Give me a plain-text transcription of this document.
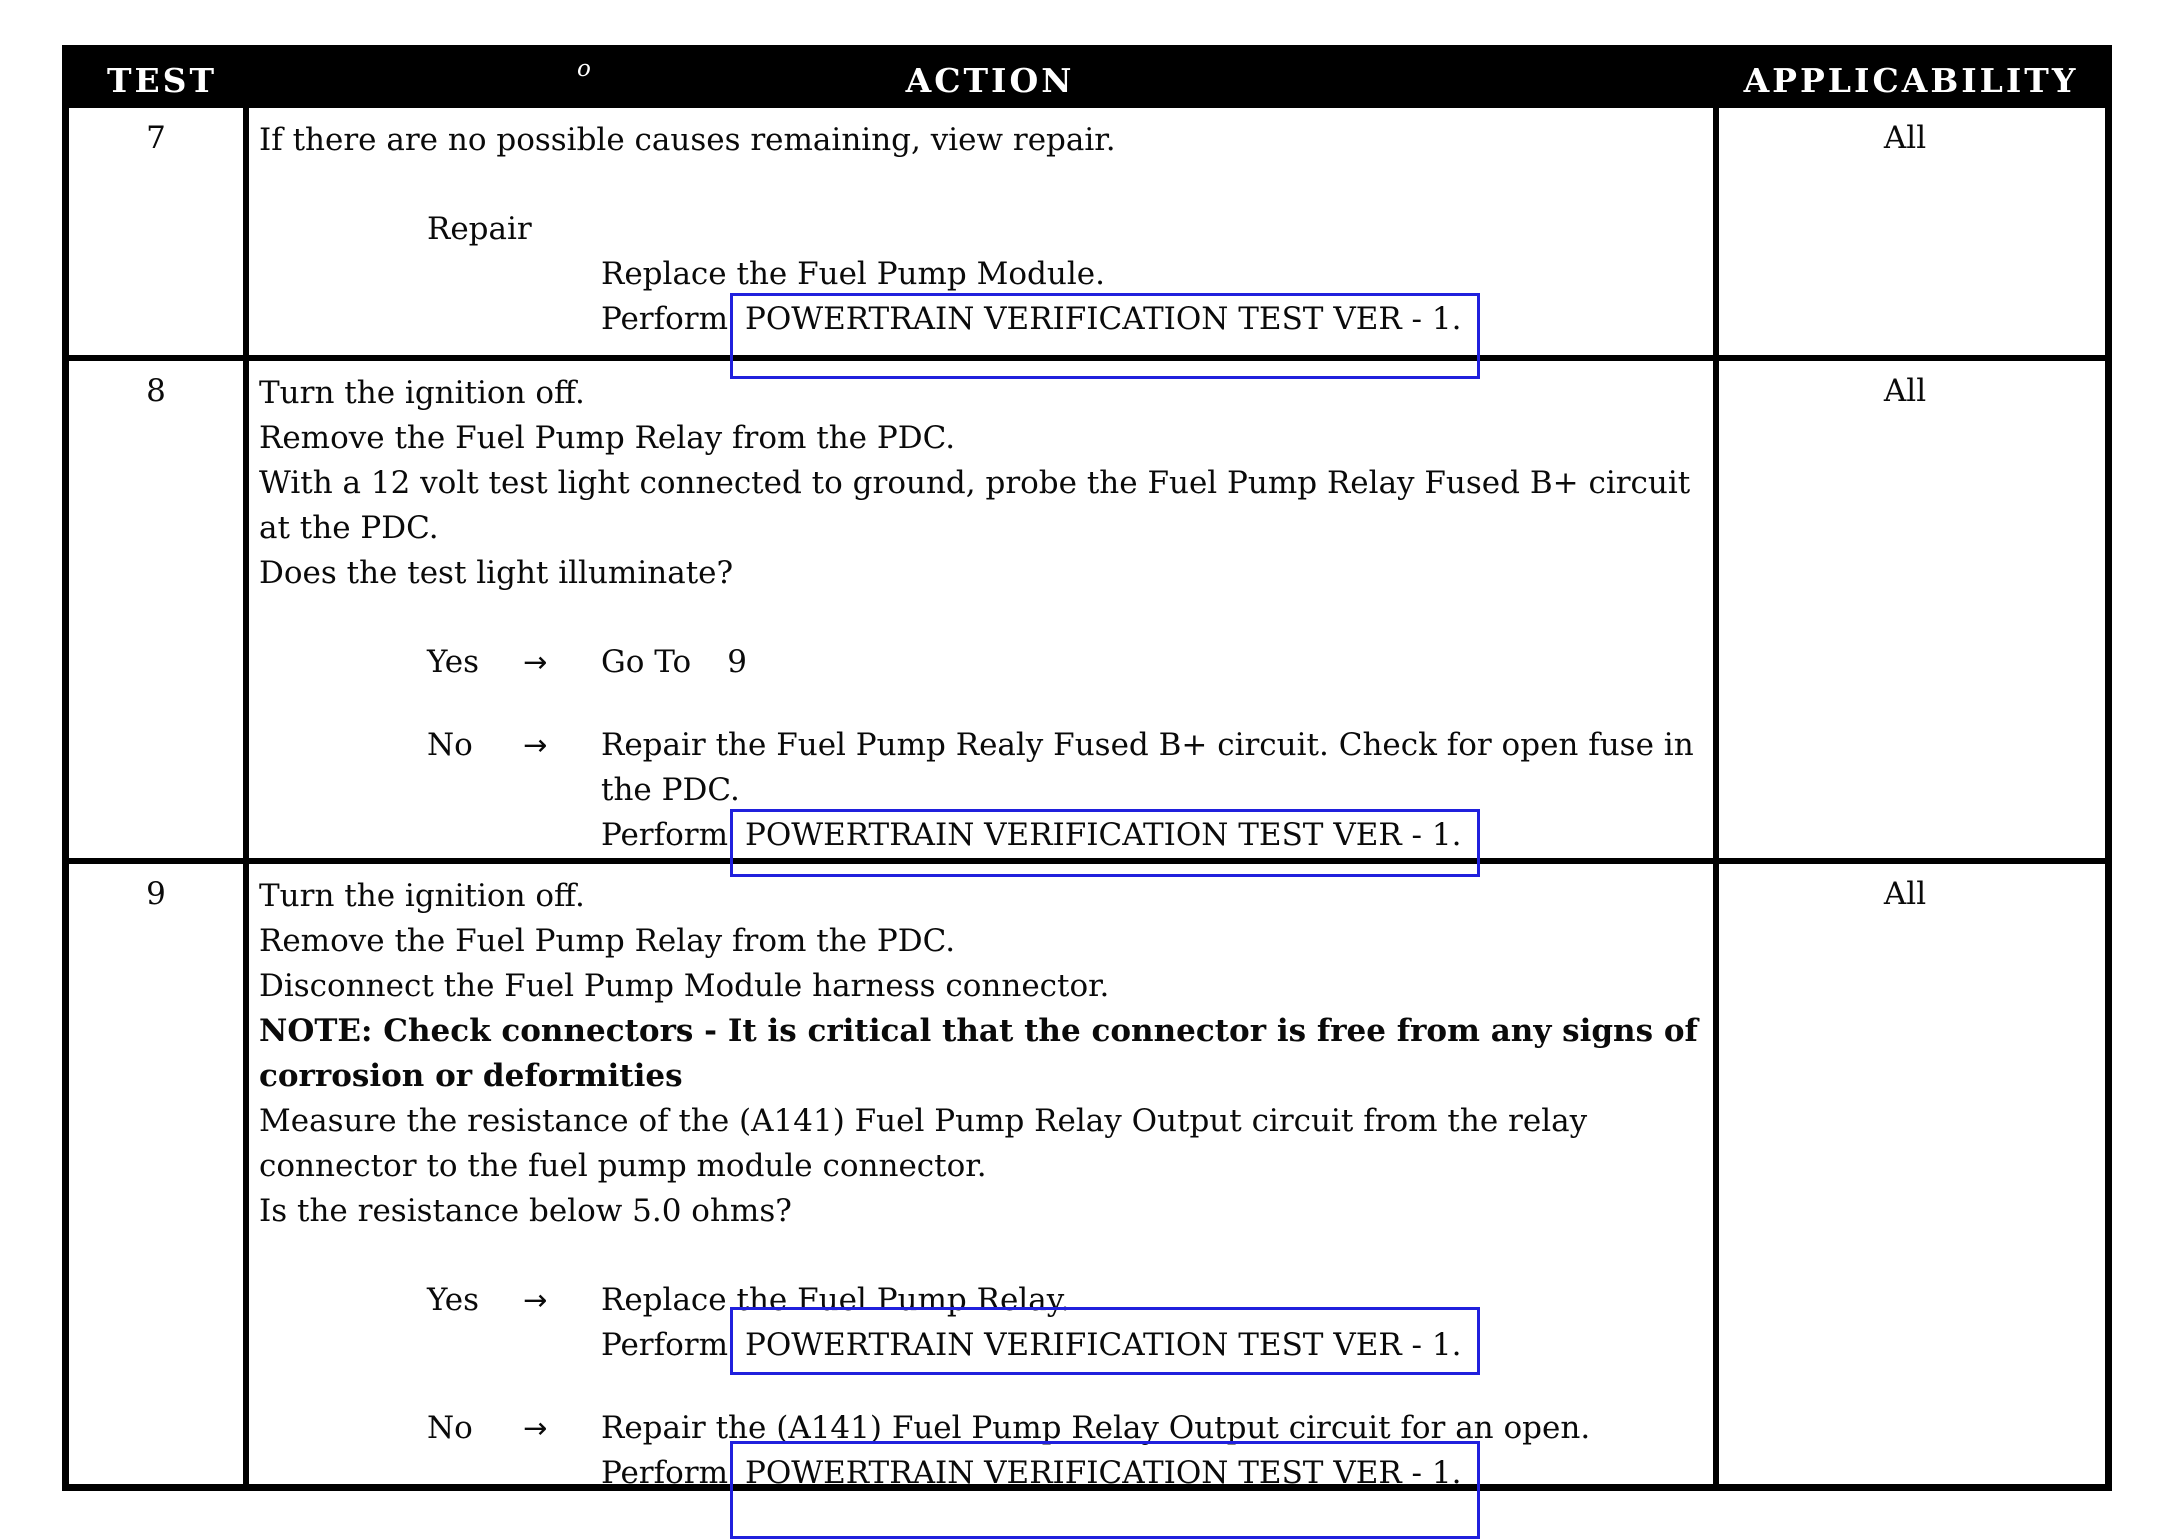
TEST	ACTION	APPLICABILITY
o
7	If there are no possible causes remaining, view repair.
Repair
Replace the Fuel Pump Module.
Perform POWERTRAIN VERIFICATION TEST VER - 1.
All
8	Turn the ignition off.
Remove the Fuel Pump Relay from the PDC.
With a 12 volt test light connected to ground, probe the Fuel Pump Relay Fused B+ circuit at the PDC.
Does the test light illuminate?
Yes	→	Go To 9
No	→	Repair the Fuel Pump Realy Fused B+ circuit. Check for open fuse in the PDC.
Perform POWERTRAIN VERIFICATION TEST VER - 1.
All
9	Turn the ignition off.
Remove the Fuel Pump Relay from the PDC.
Disconnect the Fuel Pump Module harness connector.
NOTE: Check connectors - It is critical that the connector is free from any signs of corrosion or deformities
Measure the resistance of the (A141) Fuel Pump Relay Output circuit from the relay connector to the fuel pump module connector.
Is the resistance below 5.0 ohms?
Yes	→	Replace the Fuel Pump Relay.
Perform POWERTRAIN VERIFICATION TEST VER - 1.
No	→	Repair the (A141) Fuel Pump Relay Output circuit for an open.
Perform POWERTRAIN VERIFICATION TEST VER - 1.
All
